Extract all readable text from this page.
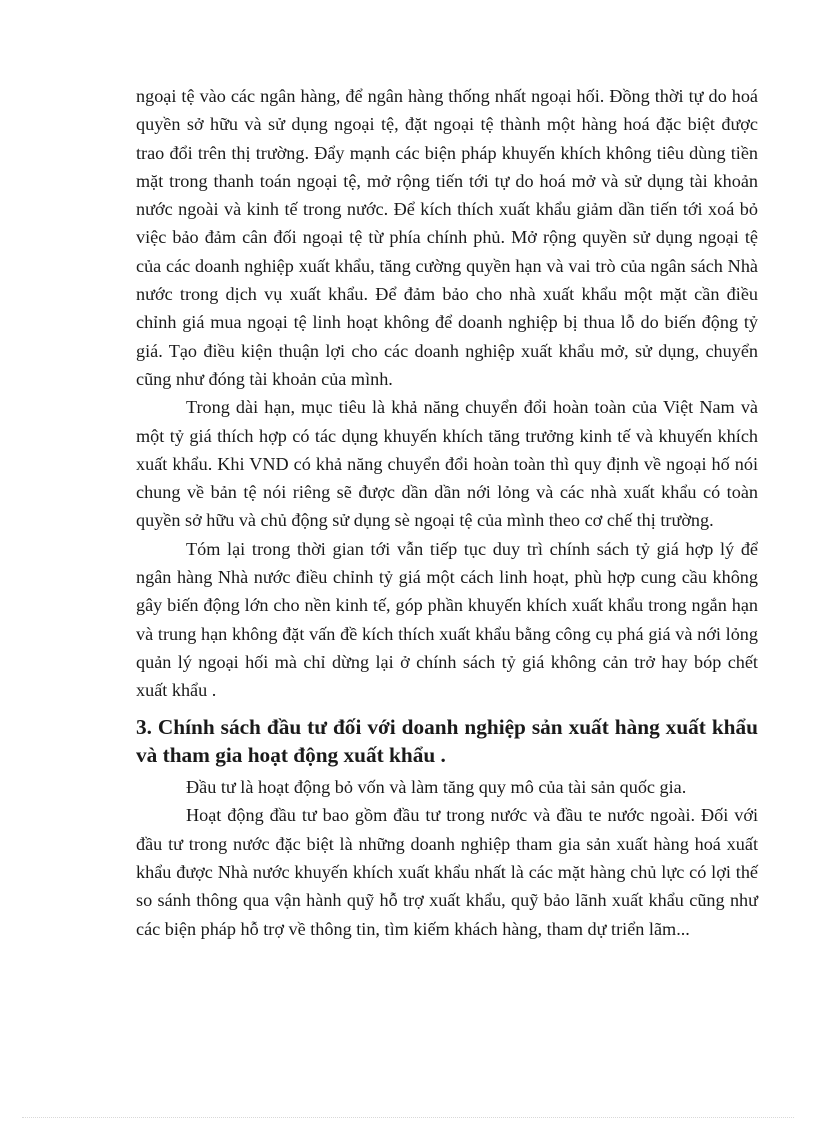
ngoại tệ vào các ngân hàng, để ngân hàng thống nhất ngoại hối. Đồng thời tự do hoá quyền sở hữu và sử dụng ngoại tệ, đặt ngoại tệ thành một hàng hoá đặc biệt được trao đổi trên thị trường. Đẩy mạnh các biện pháp khuyến khích không tiêu dùng tiền mặt trong thanh toán ngoại tệ, mở rộng tiến tới tự do hoá mở và sử dụng tài khoản nước ngoài và kinh tế trong nước. Để kích thích xuất khẩu giảm dần tiến tới xoá bỏ việc bảo đảm cân đối ngoại tệ từ phía chính phủ. Mở rộng quyền sử dụng ngoại tệ của các doanh nghiệp xuất khẩu, tăng cường quyền hạn và vai trò của ngân sách Nhà nước trong dịch vụ xuất khẩu. Để đảm bảo cho nhà xuất khẩu một mặt cần điều chỉnh giá mua ngoại tệ linh hoạt không để doanh nghiệp bị thua lỗ do biến động tỷ giá. Tạo điều kiện thuận lợi cho các doanh nghiệp xuất khẩu mở, sử dụng, chuyển cũng như đóng tài khoản của mình.

Trong dài hạn, mục tiêu là khả năng chuyển đổi hoàn toàn của Việt Nam và một tỷ giá thích hợp có tác dụng khuyến khích tăng trưởng kinh tế và khuyến khích xuất khẩu. Khi VND có khả năng chuyển đổi hoàn toàn thì quy định về ngoại hố nói chung về bản tệ nói riêng sẽ được dần dần nới lỏng và các nhà xuất khẩu có toàn quyền sở hữu và chủ động sử dụng sè ngoại tệ của mình theo cơ chế thị trường.

Tóm lại trong thời gian tới vẫn tiếp tục duy trì chính sách tỷ giá hợp lý để ngân hàng Nhà nước điều chỉnh tỷ giá một cách linh hoạt, phù hợp cung cầu không gây biến động lớn cho nền kinh tế, góp phần khuyến khích xuất khẩu trong ngắn hạn và trung hạn không đặt vấn đề kích thích xuất khẩu bằng công cụ phá giá và nới lỏng quản lý ngoại hối mà chỉ dừng lại ở chính sách tỷ giá không cản trở hay bóp chết xuất khẩu .

3. Chính sách đầu tư đối với doanh nghiệp sản xuất hàng xuất khẩu và tham gia hoạt động xuất khẩu .

Đầu tư là hoạt động bỏ vốn và làm tăng quy mô của tài sản quốc gia.

Hoạt động đầu tư bao gồm đầu tư trong nước và đầu te nước ngoài. Đối với đầu tư trong nước đặc biệt là những doanh nghiệp tham gia sản xuất hàng hoá xuất khẩu được Nhà nước khuyến khích xuất khẩu nhất là các mặt hàng chủ lực có lợi thế so sánh thông qua vận hành quỹ hỗ trợ xuất khẩu, quỹ bảo lãnh xuất khẩu cũng như các biện pháp hỗ trợ về thông tin, tìm kiếm khách hàng, tham dự triển lãm...
